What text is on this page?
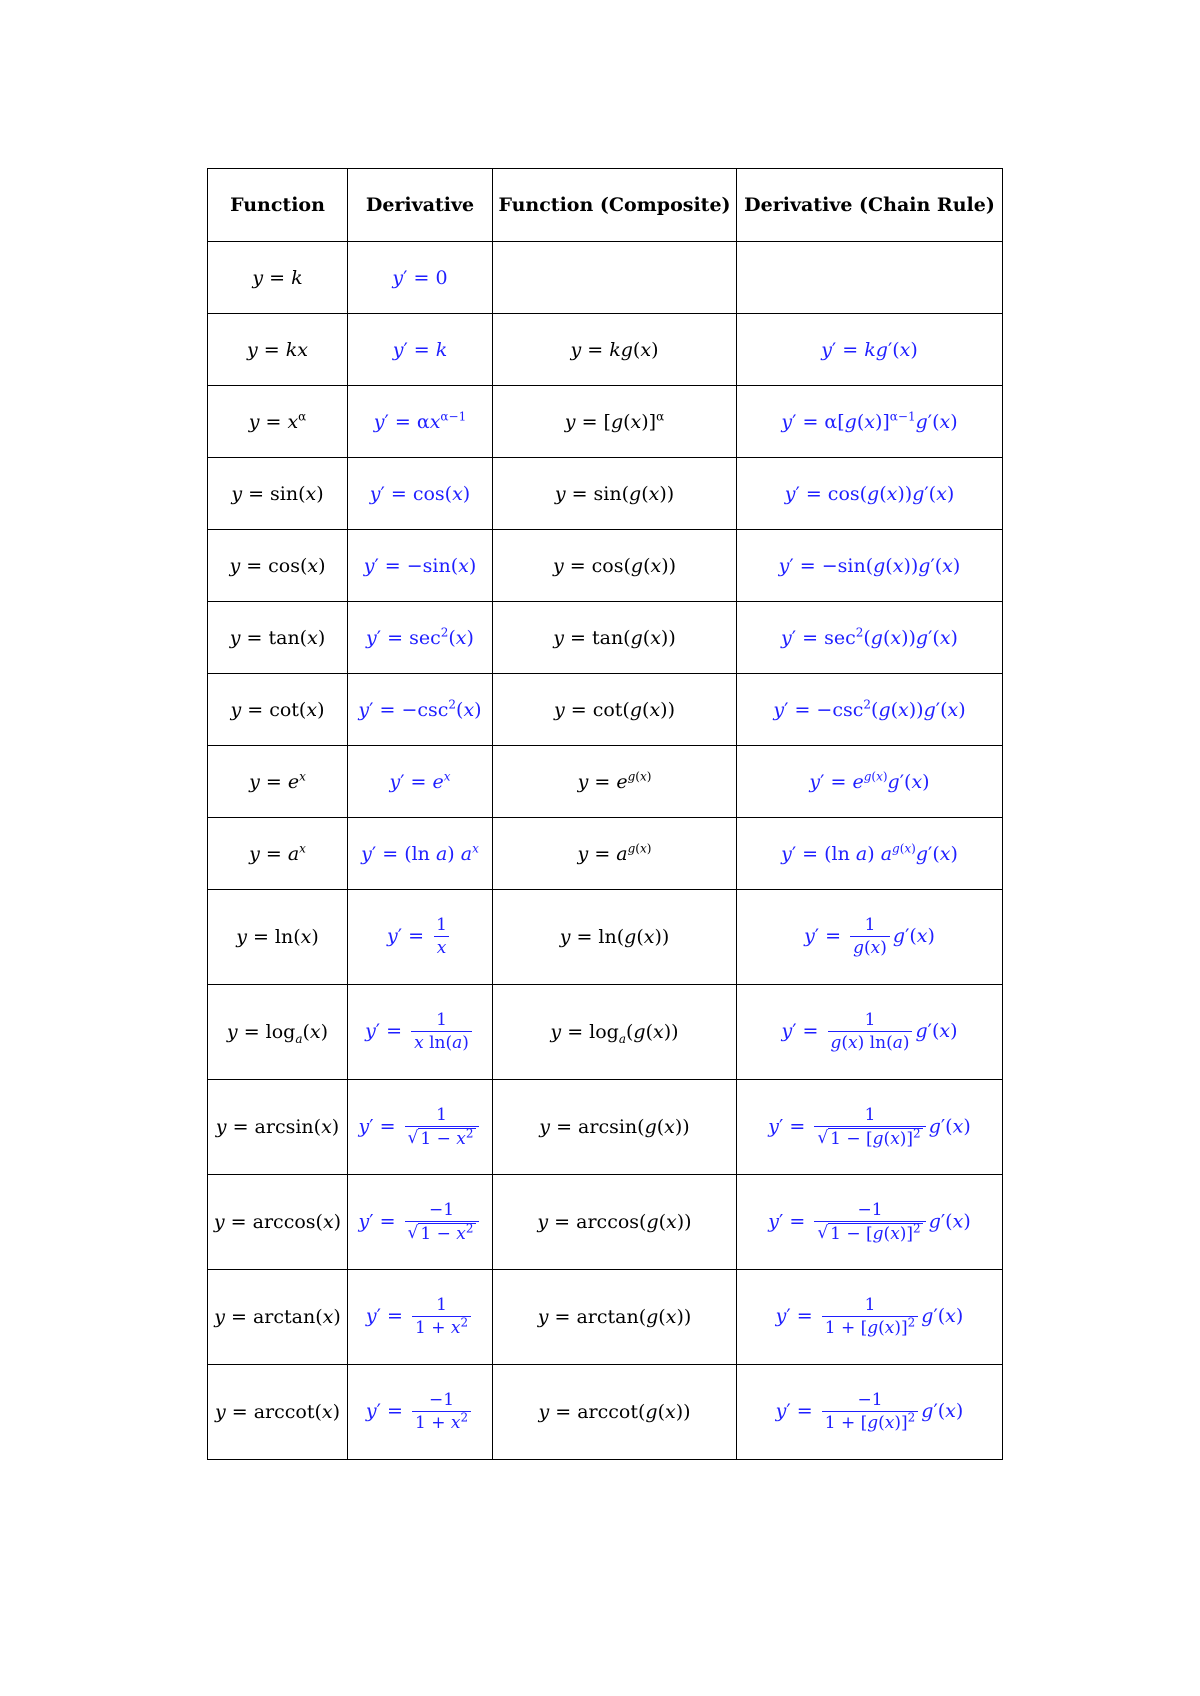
Function	Derivative	Function (Composite)	Derivative (Chain Rule)
y = k	y′ = 0		
y = kx	y′ = k	y = kg(x)	y′ = kg′(x)
$y = x^\alpha$	$y' = \alpha x^{\alpha-1}$	$y = [g(x)]^\alpha$	$y' = \alpha[g(x)]^{\alpha-1}g'(x)$
y = sin(x)	y′ = cos(x)	y = sin(g(x))	y′ = cos(g(x))g′(x)
y = cos(x)	y′ = −sin(x)	y = cos(g(x))	y′ = −sin(g(x))g′(x)
y = tan(x)	$y' = \sec^2(x)$	y = tan(g(x))	$y' = \sec^2(g(x))g'(x)$
y = cot(x)	$y' = -\csc^2(x)$	y = cot(g(x))	$y' = -\csc^2(g(x))g'(x)$
$y = e^x$	$y' = e^x$	$y = e^{g(x)}$	$y' = e^{g(x)}g'(x)$
$y = a^x$	y′ = (ln a) $a^x$	$y = a^{g(x)}$	y′ = (ln a) $a^{g(x)}g'(x)$
y = ln(x)	$y' = \frac{1}{x}$	y = ln(g(x))	$y' = \frac{1}{g(x)} g'(x)$
$y = \log_a(x)$	$y' = \frac{1}{\text{x ln(a)}}$	$y = \log_a(g(x))$	$y' = \frac{1}{g(x) \ln(a)} g'(x)$
y = arcsin(x)	$y' = \frac{1}{√ 1 - x^2}$	y = arcsin(g(x))	$y' = \frac{1}{√ 1 - [g(x)]^2} g'(x)$
y = arccos(x)	$y' = \frac{-1}{√ 1 - x^2}$	y = arccos(g(x))	$y' = \frac{-1}{√ 1 - [g(x)]^2} g'(x)$
y = arctan(x)	$y' = \frac{1}{1 + x^2}$	y = arctan(g(x))	$y' = \frac{1}{1 + [g(x)]^2} g'(x)$
y = arccot(x)	$y' = \frac{-1}{1 + x^2}$	y = arccot(g(x))	$y' = \frac{-1}{1 + [g(x)]^2} g'(x)$
